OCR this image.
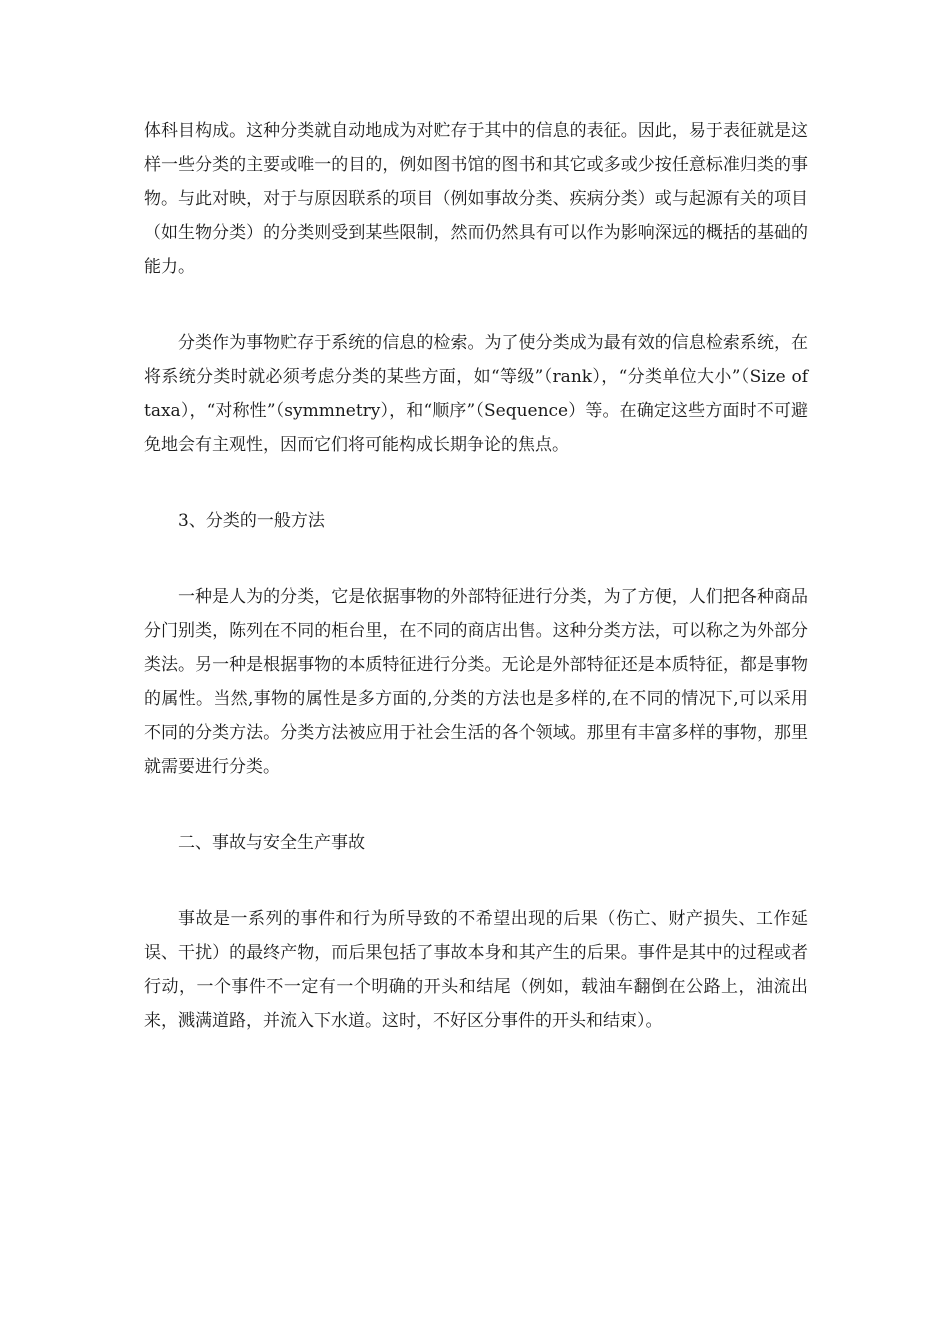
体科目构成。这种分类就自动地成为对贮存于其中的信息的表征。因此，易于表征就是这样一些分类的主要或唯一的目的，例如图书馆的图书和其它或多或少按任意标准归类的事物。与此对映，对于与原因联系的项目（例如事故分类、疾病分类）或与起源有关的项目（如生物分类）的分类则受到某些限制，然而仍然具有可以作为影响深远的概括的基础的能力。

分类作为事物贮存于系统的信息的检索。为了使分类成为最有效的信息检索系统，在将系统分类时就必须考虑分类的某些方面，如“等级”（rank），“分类单位大小”（Size of taxa），“对称性”（symmnetry），和“顺序”（Sequence）等。在确定这些方面时不可避免地会有主观性，因而它们将可能构成长期争论的焦点。

3、分类的一般方法

一种是人为的分类，它是依据事物的外部特征进行分类，为了方便，人们把各种商品分门别类，陈列在不同的柜台里，在不同的商店出售。这种分类方法，可以称之为外部分类法。另一种是根据事物的本质特征进行分类。无论是外部特征还是本质特征，都是事物的属性。当然,事物的属性是多方面的,分类的方法也是多样的,在不同的情况下,可以采用不同的分类方法。分类方法被应用于社会生活的各个领域。那里有丰富多样的事物，那里就需要进行分类。

二、事故与安全生产事故

事故是一系列的事件和行为所导致的不希望出现的后果（伤亡、财产损失、工作延误、干扰）的最终产物，而后果包括了事故本身和其产生的后果。事件是其中的过程或者行动，一个事件不一定有一个明确的开头和结尾（例如，载油车翻倒在公路上，油流出来，溅满道路，并流入下水道。这时，不好区分事件的开头和结束）。
